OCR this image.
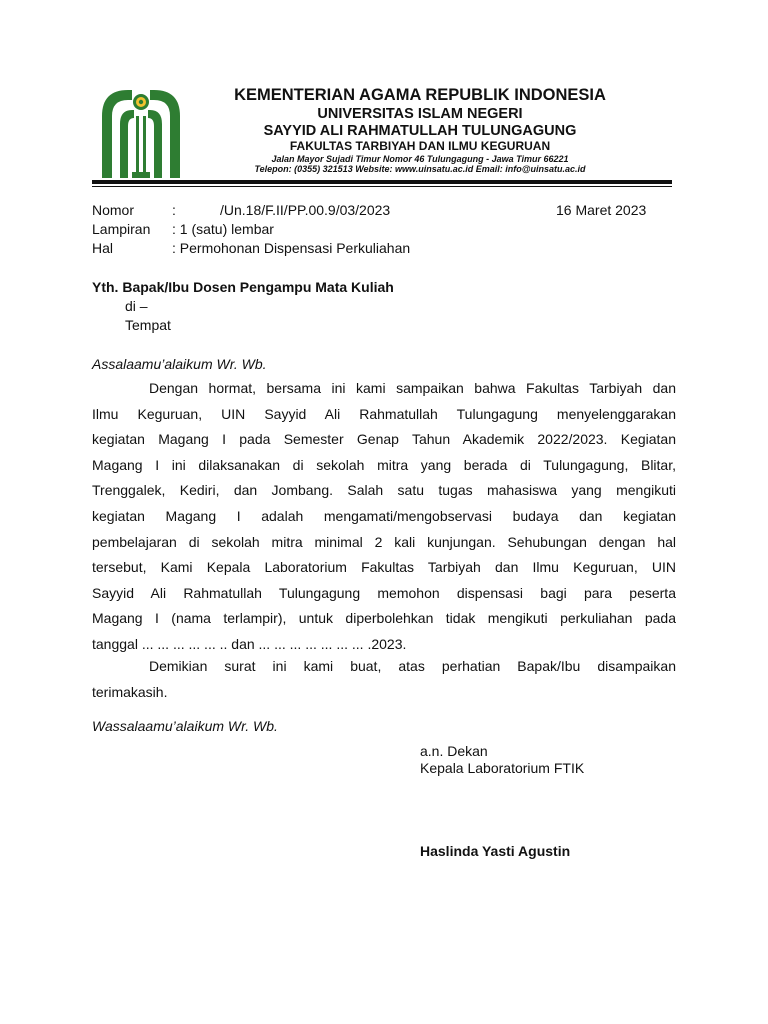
KEMENTERIAN AGAMA REPUBLIK INDONESIA
UNIVERSITAS ISLAM NEGERI
SAYYID ALI RAHMATULLAH TULUNGAGUNG
FAKULTAS TARBIYAH DAN ILMU KEGURUAN
Jalan Mayor Sujadi Timur Nomor 46 Tulungagung - Jawa Timur 66221
Telepon: (0355) 321513 Website: www.uinsatu.ac.id Email: info@uinsatu.ac.id
Nomor	:	/Un.18/F.II/PP.00.9/03/2023	16 Maret 2023
Lampiran : 1 (satu) lembar
Hal	: Permohonan Dispensasi Perkuliahan
Yth. Bapak/Ibu Dosen Pengampu Mata Kuliah
di –
Tempat
Assalaamu’alaikum Wr. Wb.
Dengan hormat, bersama ini kami sampaikan bahwa Fakultas Tarbiyah dan
Ilmu Keguruan, UIN Sayyid Ali Rahmatullah Tulungagung menyelenggarakan
kegiatan Magang I pada Semester Genap Tahun Akademik 2022/2023. Kegiatan
Magang I ini dilaksanakan di sekolah mitra yang berada di Tulungagung, Blitar,
Trenggalek, Kediri, dan Jombang. Salah satu tugas mahasiswa yang mengikuti
kegiatan Magang I adalah mengamati/mengobservasi budaya dan kegiatan
pembelajaran di sekolah mitra minimal 2 kali kunjungan. Sehubungan dengan hal
tersebut, Kami Kepala Laboratorium Fakultas Tarbiyah dan Ilmu Keguruan, UIN
Sayyid Ali Rahmatullah Tulungagung memohon dispensasi bagi para peserta
Magang I (nama terlampir), untuk diperbolehkan tidak mengikuti perkuliahan pada
tanggal ... ... ... ... ... .. dan ... ... ... ... ... ... ... .2023.
Demikian surat ini kami buat, atas perhatian Bapak/Ibu disampaikan
terimakasih.
Wassalaamu’alaikum Wr. Wb.
a.n. Dekan
Kepala Laboratorium FTIK
Haslinda Yasti Agustin
